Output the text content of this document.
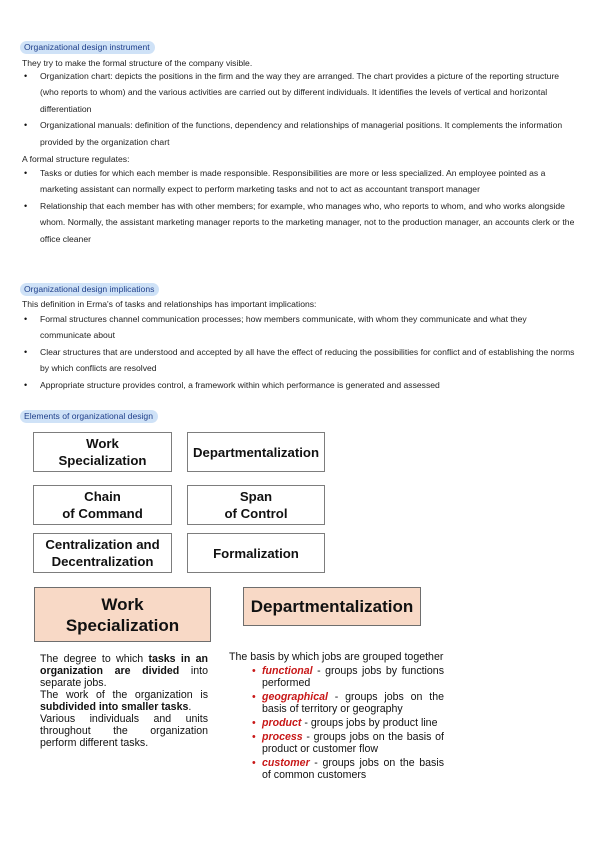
Organizational design instrument
They try to make the formal structure of the company visible.
• Organization chart: depicts the positions in the firm and the way they are arranged. The chart provides a picture of the reporting structure (who reports to whom) and the various activities are carried out by different individuals. It identifies the levels of vertical and horizontal differentiation
• Organizational manuals: definition of the functions, dependency and relationships of managerial positions. It complements the information provided by the organization chart
A formal structure regulates:
• Tasks or duties for which each member is made responsible. Responsibilities are more or less specialized. An employee pointed as a marketing assistant can normally expect to perform marketing tasks and not to act as accountant transport manager
• Relationship that each member has with other members; for example, who manages who, who reports to whom, and who works alongside whom. Normally, the assistant marketing manager reports to the marketing manager, not to the production manager, an accounts clerk or the office cleaner
Organizational design implications
This definition in Erma's of tasks and relationships has important implications:
• Formal structures channel communication processes; how members communicate, with whom they communicate and what they communicate about
• Clear structures that are understood and accepted by all have the effect of reducing the possibilities for conflict and of establishing the norms by which conflicts are resolved
• Appropriate structure provides control, a framework within which performance is generated and assessed
Elements of organizational design
Work
Specialization
Departmentalization
Chain
of Command
Span
of Control
Centralization and
Decentralization
Formalization
Work
Specialization
Departmentalization

The degree to which tasks in an organization are divided into separate jobs.

The work of the organization is subdivided into smaller tasks.

Various individuals and units throughout the organization perform different tasks.

The basis by which jobs are grouped together

• functional - groups jobs by functions performed
• geographical - groups jobs on the basis of territory or geography
• product - groups jobs by product line
• process - groups jobs on the basis of product or customer flow
• customer - groups jobs on the basis of common customers
